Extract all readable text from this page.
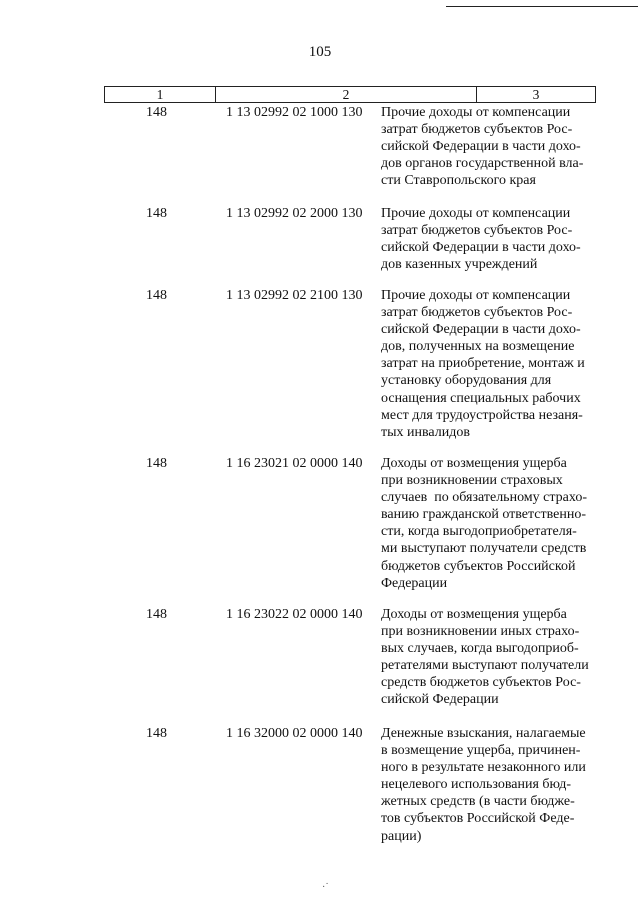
105
1	2	3
148	1 13 02992 02 1000 130 Прочие доходы от компенсации
затрат бюджетов субъектов Рос-
сийской Федерации в части дохо-
дов органов государственной вла-
сти Ставропольского края
148	1 13 02992 02 2000 130 Прочие доходы от компенсации
затрат бюджетов субъектов Рос-
сийской Федерации в части дохо-
дов казенных учреждений
148	1 13 02992 02 2100 130 Прочие доходы от компенсации
затрат бюджетов субъектов Рос-
сийской Федерации в части дохо-
дов, полученных на возмещение
затрат на приобретение, монтаж и
установку оборудования для
оснащения специальных рабочих
мест для трудоустройства незаня-
тых инвалидов
148	1 16 23021 02 0000 140 Доходы от возмещения ущерба
при возникновении страховых
случаев  по обязательному страхо-
ванию гражданской ответственно-
сти, когда выгодоприобретателя-
ми выступают получатели средств
бюджетов субъектов Российской
Федерации
148	1 16 23022 02 0000 140 Доходы от возмещения ущерба
при возникновении иных страхо-
вых случаев, когда выгодоприоб-
ретателями выступают получатели
средств бюджетов субъектов Рос-
сийской Федерации
148	1 16 32000 02 0000 140 Денежные взыскания, налагаемые
в возмещение ущерба, причинен-
ного в результате незаконного или
нецелевого использования бюд-
жетных средств (в части бюдже-
тов субъектов Российской Феде-
рации)
·˙
